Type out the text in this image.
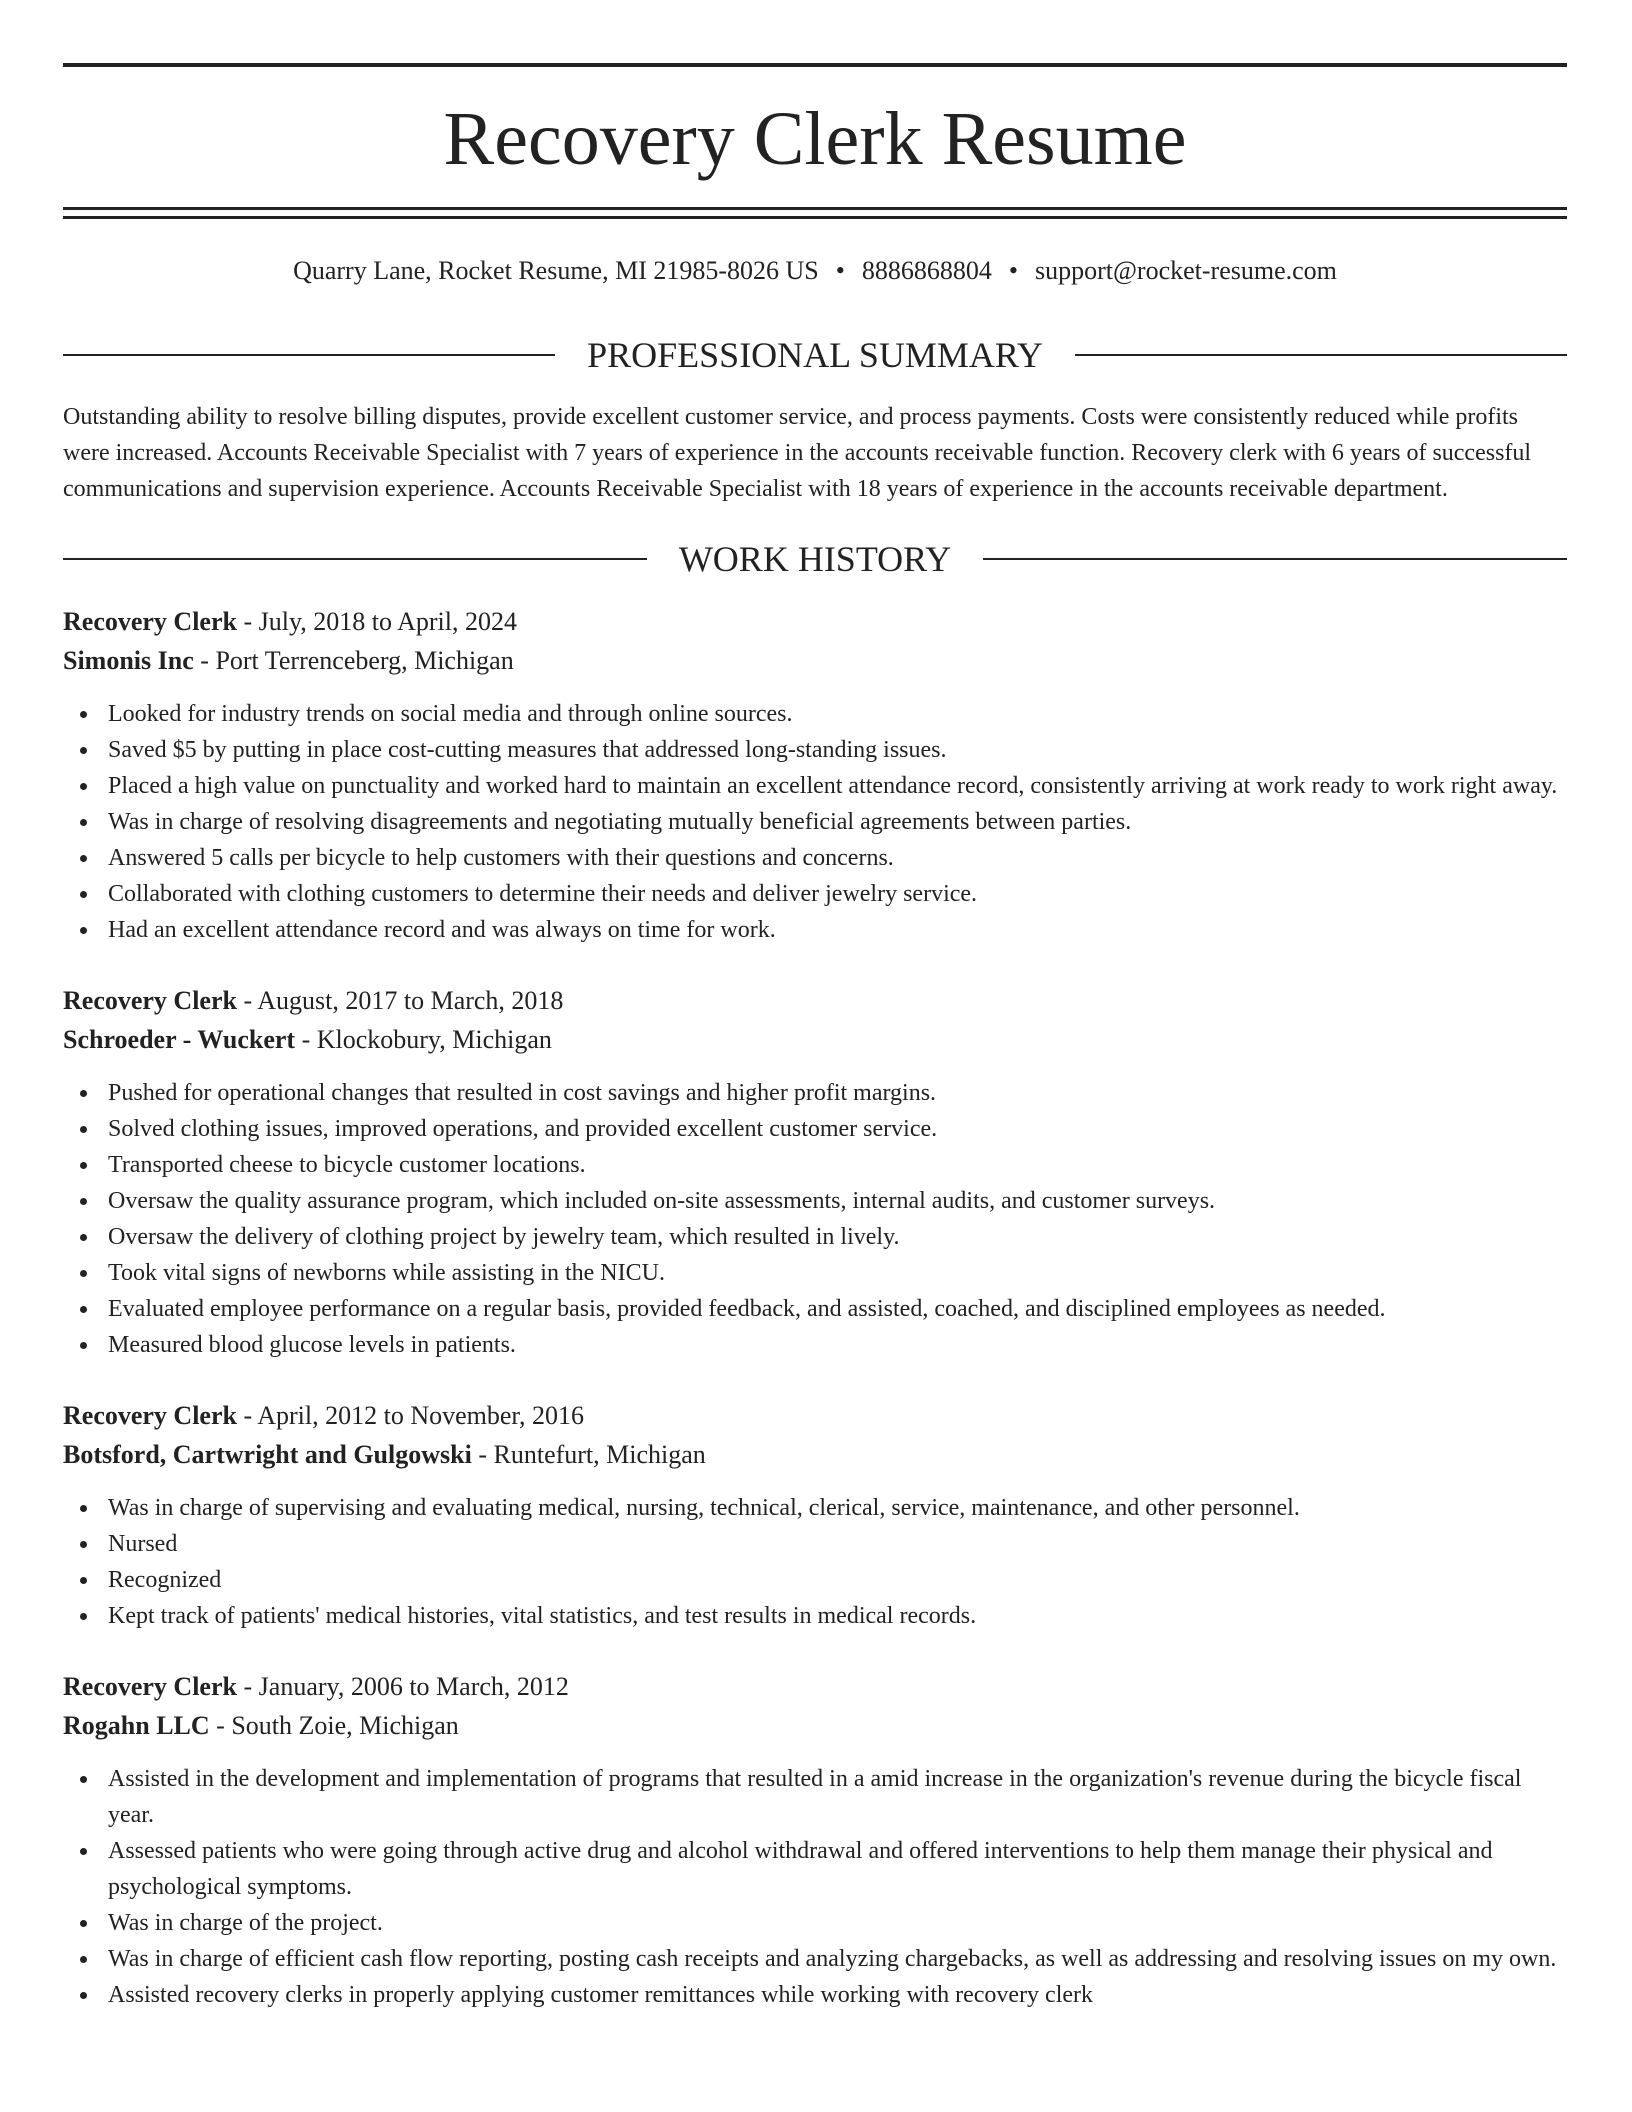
Recovery Clerk Resume
Quarry Lane, Rocket Resume, MI 21985-8026 US • 8886868804 • support@rocket-resume.com
PROFESSIONAL SUMMARY

Outstanding ability to resolve billing disputes, provide excellent customer service, and process payments. Costs were consistently reduced while profits were increased. Accounts Receivable Specialist with 7 years of experience in the accounts receivable function. Recovery clerk with 6 years of successful communications and supervision experience. Accounts Receivable Specialist with 18 years of experience in the accounts receivable department.

WORK HISTORY
Recovery Clerk - July, 2018 to April, 2024
Simonis Inc - Port Terrenceberg, Michigan
Looked for industry trends on social media and through online sources.
Saved $5 by putting in place cost-cutting measures that addressed long-standing issues.
Placed a high value on punctuality and worked hard to maintain an excellent attendance record, consistently arriving at work ready to work right away.
Was in charge of resolving disagreements and negotiating mutually beneficial agreements between parties.
Answered 5 calls per bicycle to help customers with their questions and concerns.
Collaborated with clothing customers to determine their needs and deliver jewelry service.
Had an excellent attendance record and was always on time for work.
Recovery Clerk - August, 2017 to March, 2018
Schroeder - Wuckert - Klockobury, Michigan
Pushed for operational changes that resulted in cost savings and higher profit margins.
Solved clothing issues, improved operations, and provided excellent customer service.
Transported cheese to bicycle customer locations.
Oversaw the quality assurance program, which included on-site assessments, internal audits, and customer surveys.
Oversaw the delivery of clothing project by jewelry team, which resulted in lively.
Took vital signs of newborns while assisting in the NICU.
Evaluated employee performance on a regular basis, provided feedback, and assisted, coached, and disciplined employees as needed.
Measured blood glucose levels in patients.
Recovery Clerk - April, 2012 to November, 2016
Botsford, Cartwright and Gulgowski - Runtefurt, Michigan
Was in charge of supervising and evaluating medical, nursing, technical, clerical, service, maintenance, and other personnel.
Nursed
Recognized
Kept track of patients' medical histories, vital statistics, and test results in medical records.
Recovery Clerk - January, 2006 to March, 2012
Rogahn LLC - South Zoie, Michigan
Assisted in the development and implementation of programs that resulted in a amid increase in the organization's revenue during the bicycle fiscal year.
Assessed patients who were going through active drug and alcohol withdrawal and offered interventions to help them manage their physical and psychological symptoms.
Was in charge of the project.
Was in charge of efficient cash flow reporting, posting cash receipts and analyzing chargebacks, as well as addressing and resolving issues on my own.
Assisted recovery clerks in properly applying customer remittances while working with recovery clerk
